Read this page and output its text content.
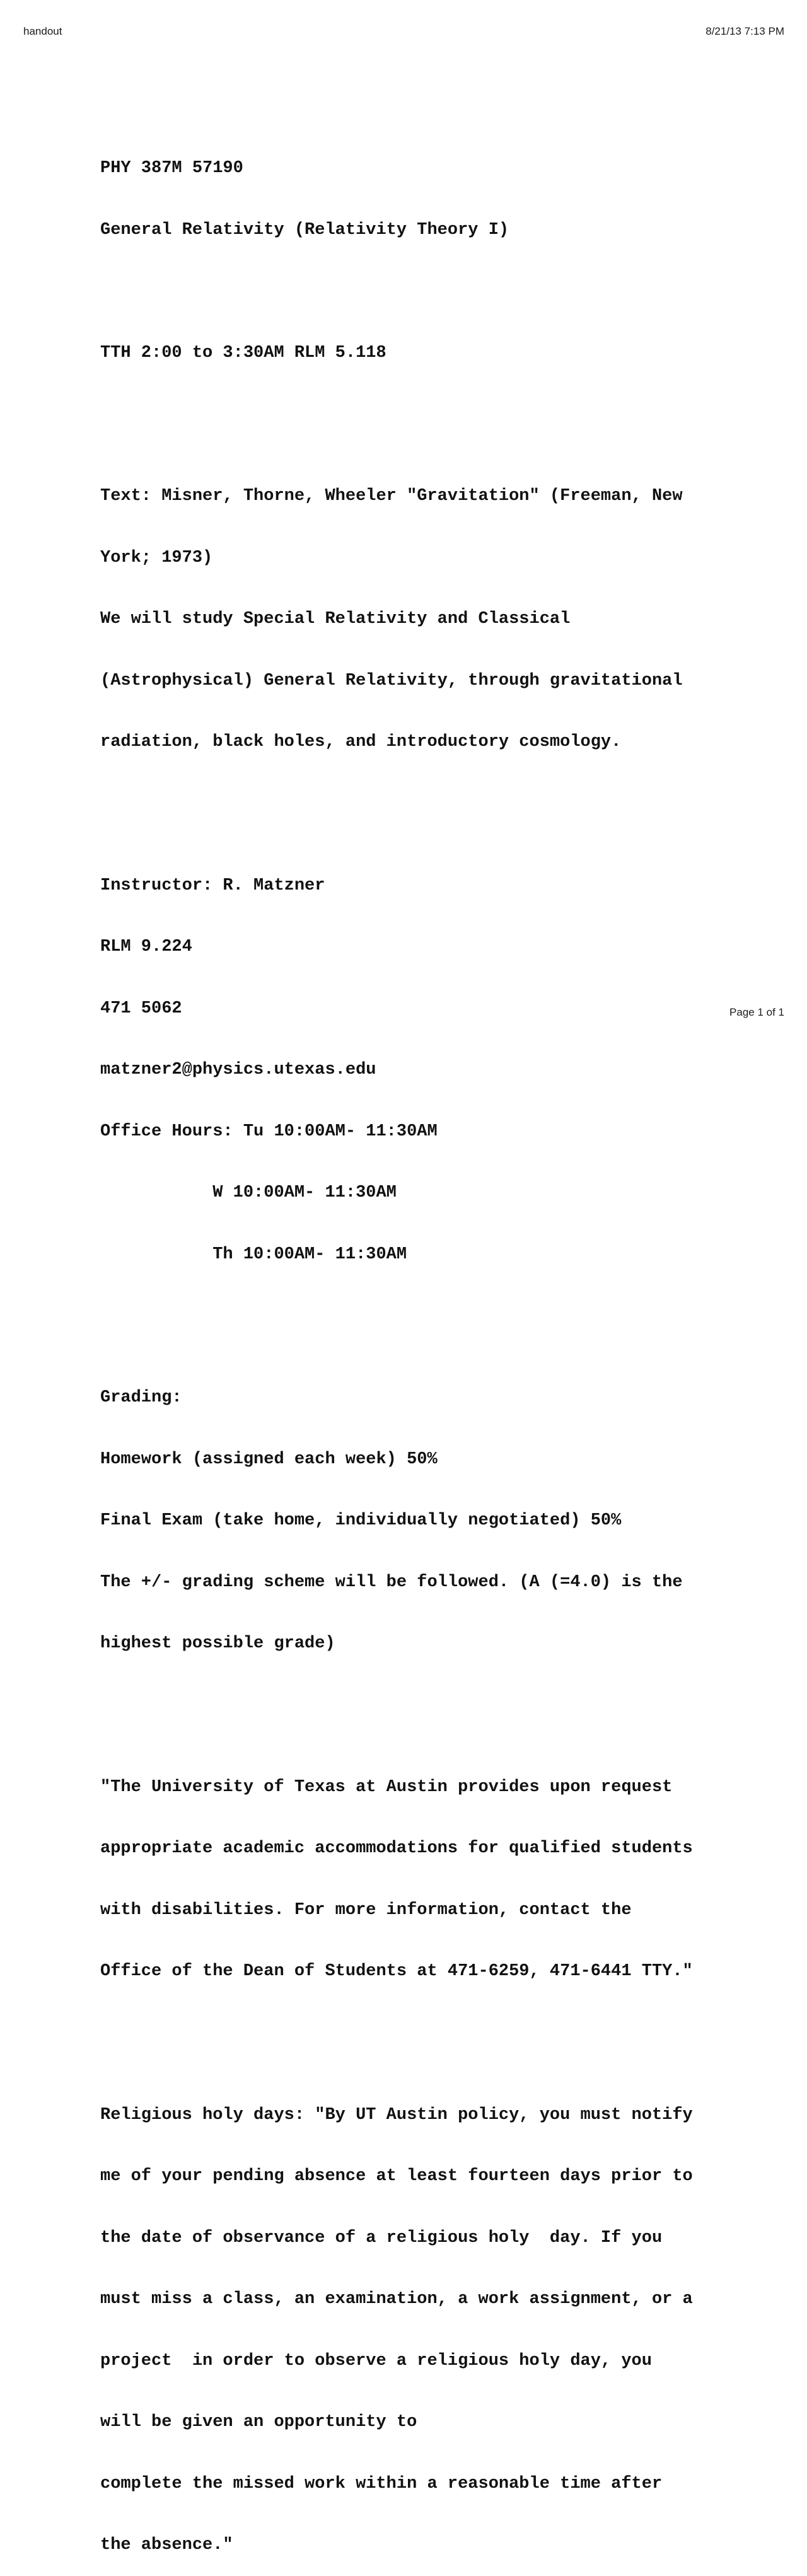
handout	8/21/13 7:13 PM

PHY 387M 57190

General Relativity (Relativity Theory I)

TTH 2:00 to 3:30AM RLM 5.118

Text: Misner, Thorne, Wheeler "Gravitation" (Freeman, New

York; 1973)

We will study Special Relativity and Classical

(Astrophysical) General Relativity, through gravitational

radiation, black holes, and introductory cosmology.

Instructor: R. Matzner

RLM 9.224

471 5062

matzner2@physics.utexas.edu

Office Hours: Tu 10:00AM- 11:30AM

W 10:00AM- 11:30AM

Th 10:00AM- 11:30AM

Grading:

Homework (assigned each week) 50%

Final Exam (take home, individually negotiated) 50%

The +/- grading scheme will be followed. (A (=4.0) is the

highest possible grade)

"The University of Texas at Austin provides upon request

appropriate academic accommodations for qualified students

with disabilities. For more information, contact the

Office of the Dean of Students at 471-6259, 471-6441 TTY."

Religious holy days: "By UT Austin policy, you must notify

me of your pending absence at least fourteen days prior to

the date of observance of a religious holy  day. If you

must miss a class, an examination, a work assignment, or a

project  in order to observe a religious holy day, you

will be given an opportunity to

complete the missed work within a reasonable time after

the absence."

Page 1 of 1
